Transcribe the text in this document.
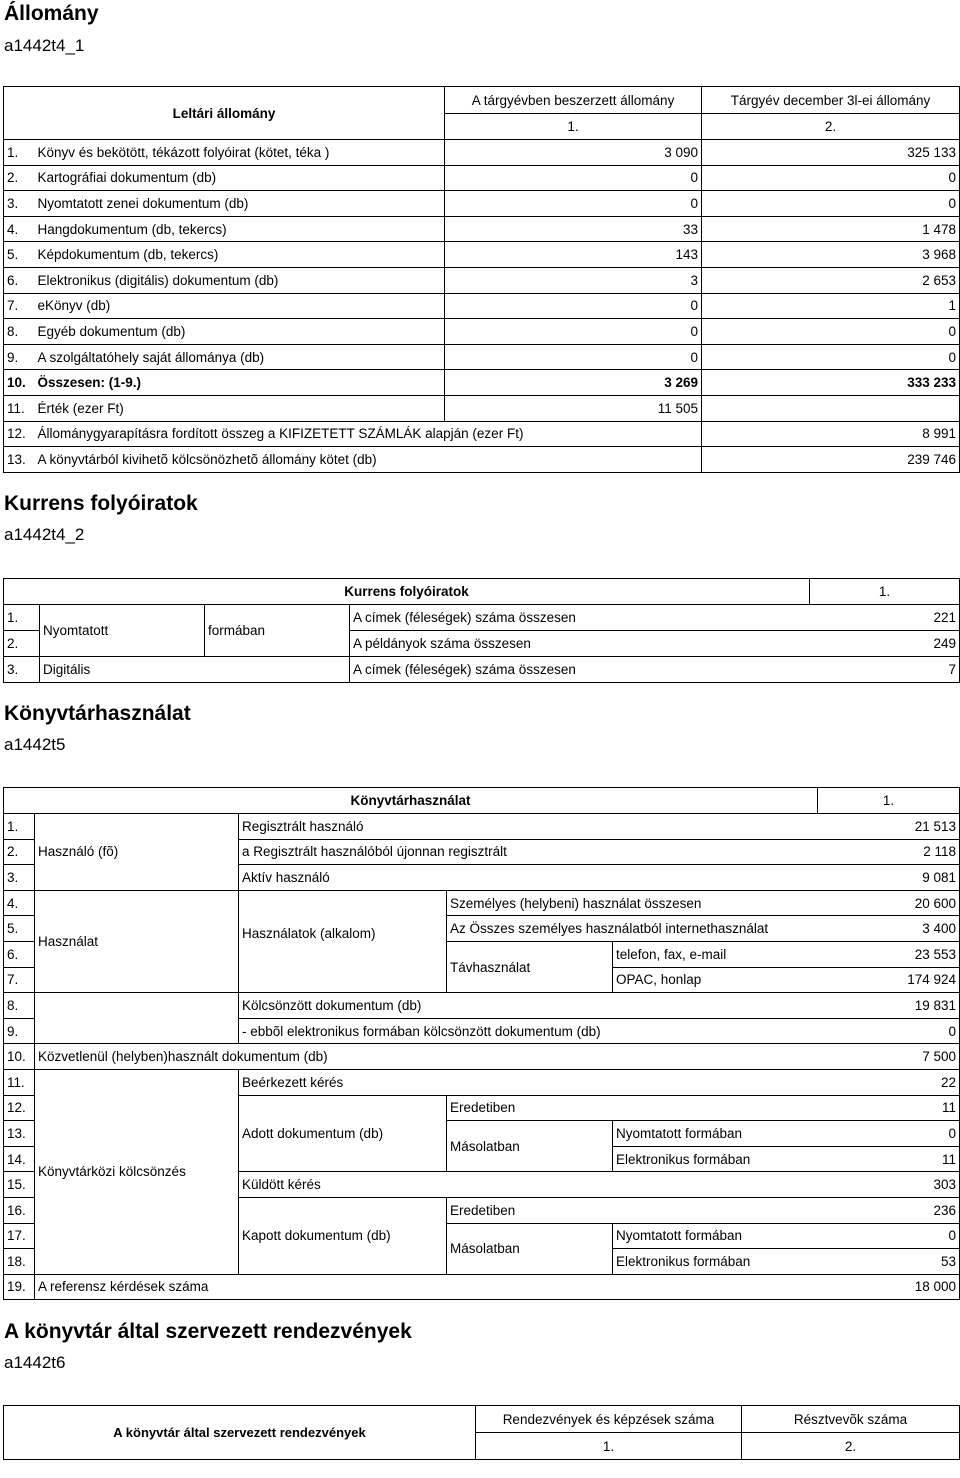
Állomány
a1442t4_1
Leltári állomány		A tárgyévben beszerzett állomány	Tárgyév december 3l-ei állomány
		1.	2.
1.	Könyv és bekötött, tékázott folyóirat (kötet, téka )	3 090	325 133
2.	Kartográfiai dokumentum (db)	0	0
3.	Nyomtatott zenei dokumentum (db)	0	0
4.	Hangdokumentum (db, tekercs)	33	1 478
5.	Képdokumentum (db, tekercs)	143	3 968
6.	Elektronikus (digitális) dokumentum (db)	3	2 653
7.	eKönyv (db)	0	1
8.	Egyéb dokumentum (db)	0	0
9.	A szolgáltatóhely saját állománya (db)	0	0
10.	Összesen: (1-9.)	3 269	333 233
11.	Érték (ezer Ft)	11 505	
12.	Állománygyarapításra fordított összeg a KIFIZETETT SZÁMLÁK alapján (ezer Ft)		8 991
13.	A könyvtárból kivihetõ kölcsönözhetõ állomány kötet (db)		239 746
Kurrens folyóiratok
a1442t4_2
Kurrens folyóiratok				1.
1.	Nyomtatott	formában	A címek (féleségek) száma összesen	221
2.			A példányok száma összesen	249
3.	Digitális		A címek (féleségek) száma összesen	7
Könyvtárhasználat
a1442t5
Könyvtárhasználat					1.
1.		Regisztrált használó			21 513
2.	Használó (fõ)	a Regisztrált használóból újonnan regisztrált			2 118
3.		Aktív használó			9 081
4.	Használat	Használatok (alkalom)	Személyes (helybeni) használat összesen		20 600
5.			Az Összes személyes használatból internethasználat		3 400
6.			Távhasználat	telefon, fax, e-mail	23 553
7.				OPAC, honlap	174 924
8.		Kölcsönzött dokumentum (db)			19 831
9.		- ebbõl elektronikus formában kölcsönzött dokumentum (db)			0
10.	Közvetlenül (helyben)használt dokumentum (db)				7 500
11.	Könyvtárközi kölcsönzés	Beérkezett kérés			22
12.		Adott dokumentum (db)	Eredetiben		11
13.			Másolatban	Nyomtatott formában	0
14.				Elektronikus formában	11
15.		Küldött kérés			303
16.		Kapott dokumentum (db)	Eredetiben		236
17.			Másolatban	Nyomtatott formában	0
18.				Elektronikus formában	53
19.	A referensz kérdések száma				18 000
A könyvtár által szervezett rendezvények
a1442t6
A könyvtár által szervezett rendezvények	Rendezvények és képzések száma	Résztvevõk száma
	1.	2.
